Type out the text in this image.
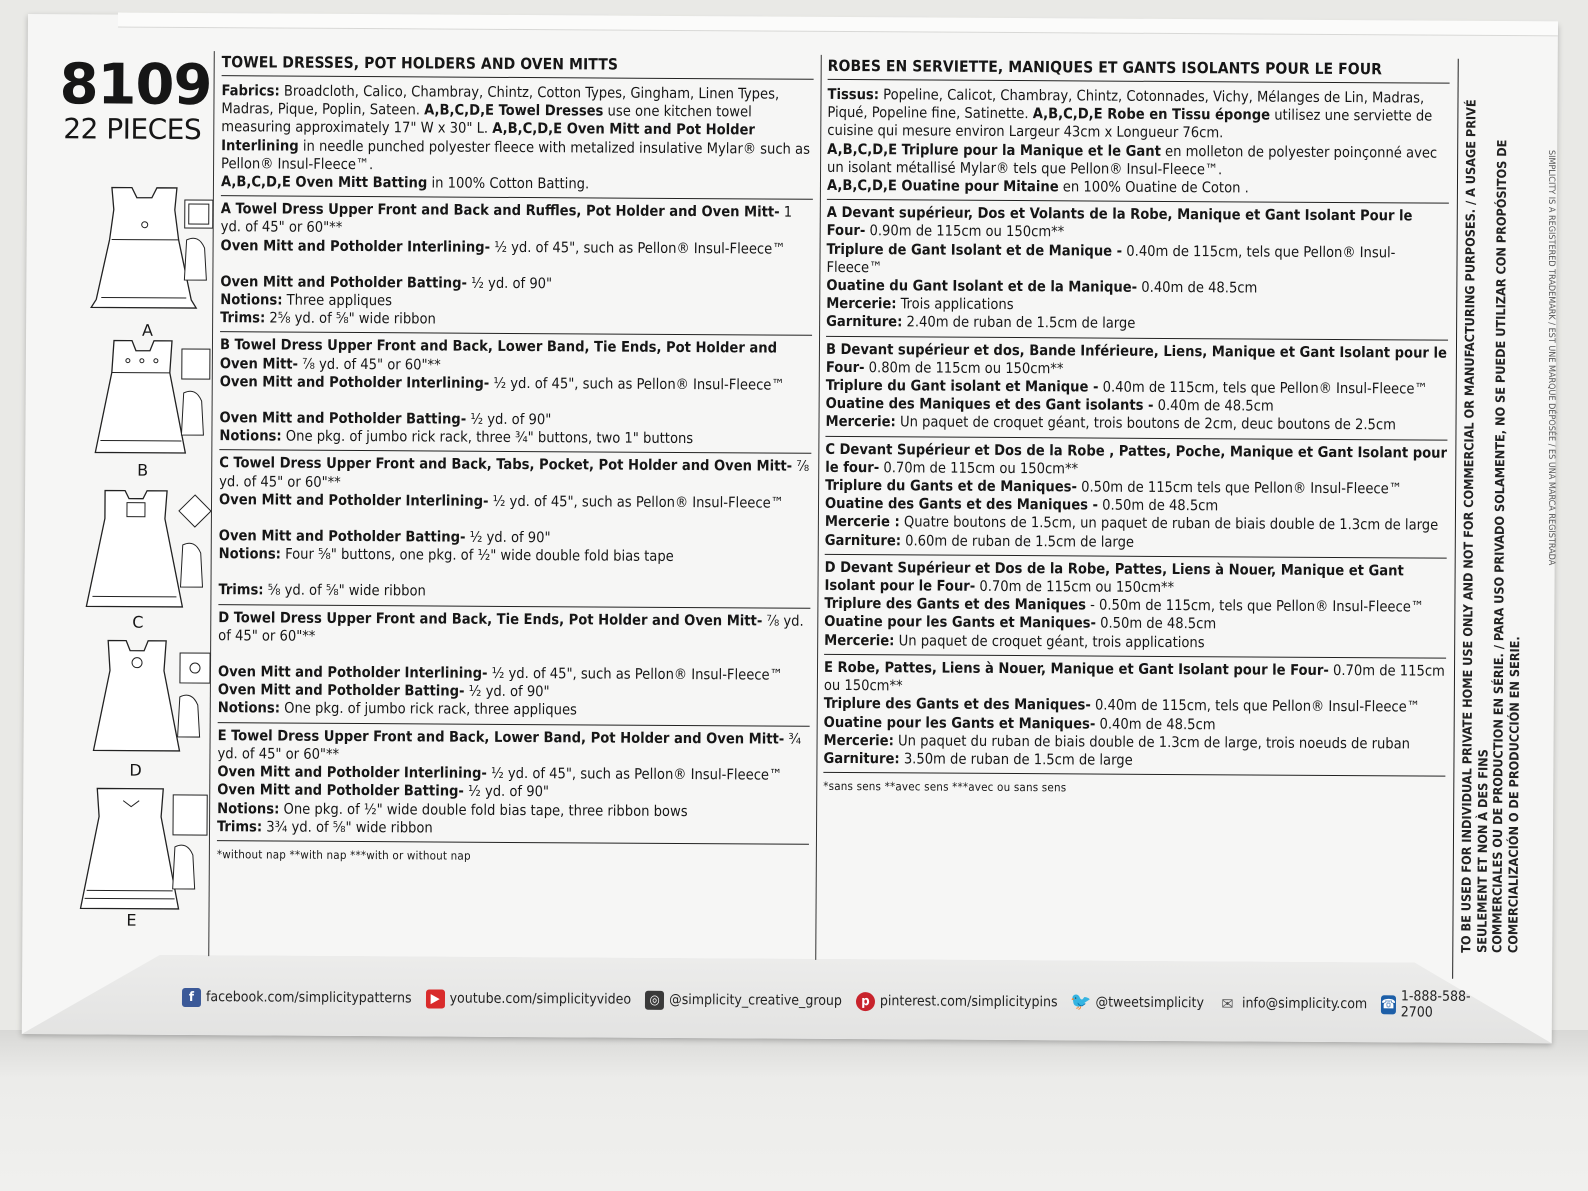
8109
22 PIECES
A
B
C
D
E
TOWEL DRESSES, POT HOLDERS AND OVEN MITTS

Fabrics: Broadcloth, Calico, Chambray, Chintz, Cotton Types, Gingham, Linen Types, Madras, Pique, Poplin, Sateen. A,B,C,D,E Towel Dresses use one kitchen towel measuring approximately 17" W x 30" L. A,B,C,D,E Oven Mitt and Pot Holder Interlining in needle punched polyester fleece with metalized insulative Mylar® such as Pellon® Insul-Fleece™.
A,B,C,D,E Oven Mitt Batting in 100% Cotton Batting.

A Towel Dress Upper Front and Back and Ruffles, Pot Holder and Oven Mitt- 1 yd. of 45" or 60"**

Oven Mitt and Potholder Interlining- ½ yd. of 45", such as Pellon® Insul-Fleece™

Oven Mitt and Potholder Batting- ½ yd. of 90"

Notions: Three appliques

Trims: 2⅝ yd. of ⅝" wide ribbon

B Towel Dress Upper Front and Back, Lower Band, Tie Ends, Pot Holder and Oven Mitt- ⅞ yd. of 45" or 60"**

Oven Mitt and Potholder Interlining- ½ yd. of 45", such as Pellon® Insul-Fleece™

Oven Mitt and Potholder Batting- ½ yd. of 90"

Notions: One pkg. of jumbo rick rack, three ¾" buttons, two 1" buttons

C Towel Dress Upper Front and Back, Tabs, Pocket, Pot Holder and Oven Mitt- ⅞ yd. of 45" or 60"**

Oven Mitt and Potholder Interlining- ½ yd. of 45", such as Pellon® Insul-Fleece™

Oven Mitt and Potholder Batting- ½ yd. of 90"

Notions: Four ⅝" buttons, one pkg. of ½" wide double fold bias tape

Trims: ⅝ yd. of ⅝" wide ribbon

D Towel Dress Upper Front and Back, Tie Ends, Pot Holder and Oven Mitt- ⅞ yd. of 45" or 60"**

Oven Mitt and Potholder Interlining- ½ yd. of 45", such as Pellon® Insul-Fleece™

Oven Mitt and Potholder Batting- ½ yd. of 90"

Notions: One pkg. of jumbo rick rack, three appliques

E Towel Dress Upper Front and Back, Lower Band, Pot Holder and Oven Mitt- ¾ yd. of 45" or 60"**

Oven Mitt and Potholder Interlining- ½ yd. of 45", such as Pellon® Insul-Fleece™

Oven Mitt and Potholder Batting- ½ yd. of 90"

Notions: One pkg. of ½" wide double fold bias tape, three ribbon bows

Trims: 3¾ yd. of ⅝" wide ribbon

*without nap **with nap ***with or without nap
ROBES EN SERVIETTE, MANIQUES ET GANTS ISOLANTS POUR LE FOUR

Tissus: Popeline, Calicot, Chambray, Chintz, Cotonnades, Vichy, Mélanges de Lin, Madras, Piqué, Popeline fine, Satinette. A,B,C,D,E Robe en Tissu éponge utilisez une serviette de cuisine qui mesure environ Largeur 43cm x Longueur 76cm.
A,B,C,D,E Triplure pour la Manique et le Gant en molleton de polyester poinçonné avec un isolant métallisé Mylar® tels que Pellon® Insul-Fleece™.
A,B,C,D,E Ouatine pour Mitaine en 100% Ouatine de Coton .

A Devant supérieur, Dos et Volants de la Robe, Manique et Gant Isolant Pour le Four- 0.90m de 115cm ou 150cm**

Triplure de Gant Isolant et de Manique - 0.40m de 115cm, tels que Pellon® Insul-Fleece™

Ouatine du Gant Isolant et de la Manique- 0.40m de 48.5cm

Mercerie: Trois applications

Garniture: 2.40m de ruban de 1.5cm de large

B Devant supérieur et dos, Bande Inférieure, Liens, Manique et Gant Isolant pour le Four- 0.80m de 115cm ou 150cm**

Triplure du Gant isolant et Manique - 0.40m de 115cm, tels que Pellon® Insul-Fleece™

Ouatine des Maniques et des Gant isolants - 0.40m de 48.5cm

Mercerie: Un paquet de croquet géant, trois boutons de 2cm, deuc boutons de 2.5cm

C Devant Supérieur et Dos de la Robe , Pattes, Poche, Manique et Gant Isolant pour le four- 0.70m de 115cm ou 150cm**

Triplure du Gants et de Maniques- 0.50m de 115cm tels que Pellon® Insul-Fleece™

Ouatine des Gants et des Maniques - 0.50m de 48.5cm

Mercerie : Quatre boutons de 1.5cm, un paquet de ruban de biais double de 1.3cm de large

Garniture: 0.60m de ruban de 1.5cm de large

D Devant Supérieur et Dos de la Robe, Pattes, Liens à Nouer, Manique et Gant Isolant pour le Four- 0.70m de 115cm ou 150cm**

Triplure des Gants et des Maniques - 0.50m de 115cm, tels que Pellon® Insul-Fleece™

Ouatine pour les Gants et Maniques- 0.50m de 48.5cm

Mercerie: Un paquet de croquet géant, trois applications

E Robe, Pattes, Liens à Nouer, Manique et Gant Isolant pour le Four- 0.70m de 115cm ou 150cm**

Triplure des Gants et des Maniques- 0.40m de 115cm, tels que Pellon® Insul-Fleece™

Ouatine pour les Gants et Maniques- 0.40m de 48.5cm

Mercerie: Un paquet du ruban de biais double de 1.3cm de large, trois noeuds de ruban

Garniture: 3.50m de ruban de 1.5cm de large

*sans sens **avec sens ***avec ou sans sens	TO BE USED FOR INDIVIDUAL PRIVATE HOME USE ONLY AND NOT FOR COMMERCIAL OR MANUFACTURING PURPOSES. / A USAGE PRIVÉ SEULEMENT ET NON À DES FINS COMMERCIALES OU DE PRODUCTION EN SÉRIE. / PARA USO PRIVADO SOLAMENTE, NO SE PUEDE UTILIZAR CON PROPÓSITOS DE COMERCIALIZACIÓN O DE PRODUCCIÓN EN SERIE.
f facebook.com/simplicitypatterns	▶ youtube.com/simplicityvideo	◎ @simplicity_creative_group	p pinterest.com/simplicitypins 🐦 @tweetsimplicity ✉ info@simplicity.com ☎ 1-888-588-2700
SIMPLICITY IS A REGISTERED TRADEMARK / EST UNE MARQUE DÉPOSÉE / ES UNA MARCA REGISTRADA
